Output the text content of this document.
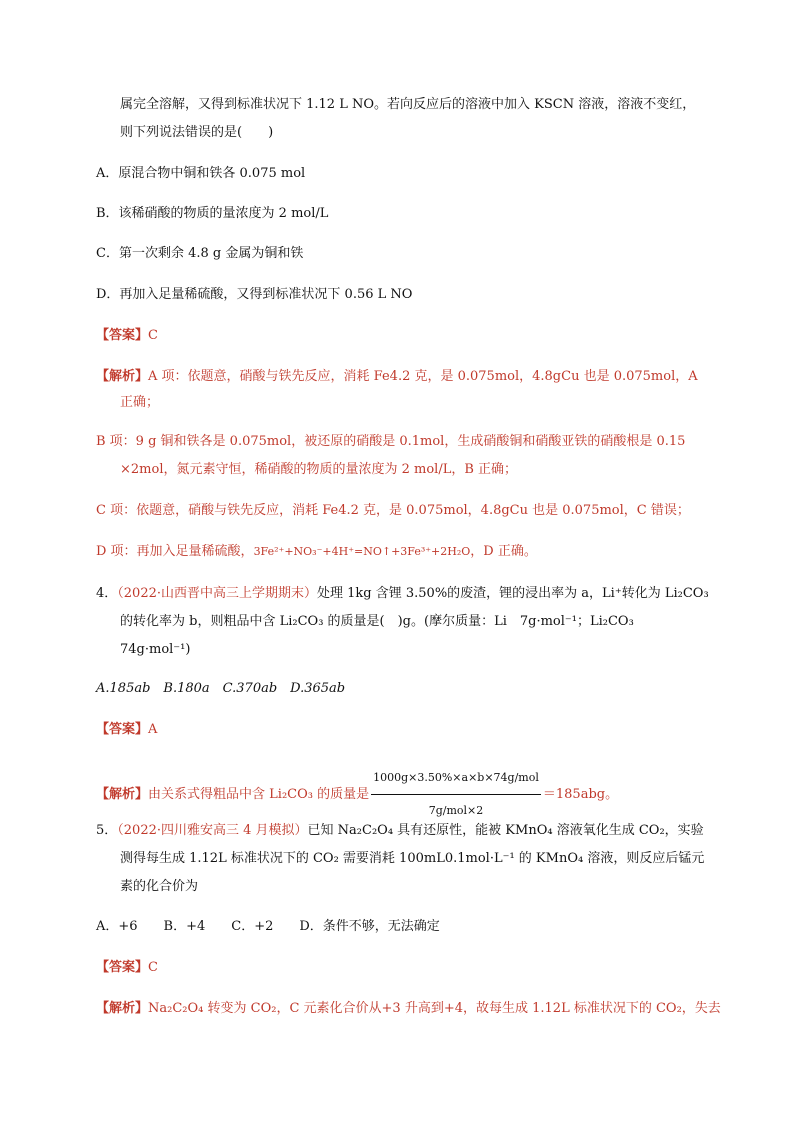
属完全溶解，又得到标准状况下 1.12 L NO。若向反应后的溶液中加入 KSCN 溶液，溶液不变红，
则下列说法错误的是(　　)
A．原混合物中铜和铁各 0.075 mol
B．该稀硝酸的物质的量浓度为 2 mol/L
C．第一次剩余 4.8 g 金属为铜和铁
D．再加入足量稀硫酸，又得到标准状况下 0.56 L NO
【答案】C
【解析】A 项：依题意，硝酸与铁先反应，消耗 Fe4.2 克，是 0.075mol，4.8gCu 也是 0.075mol，A
正确；
B 项：9 g 铜和铁各是 0.075mol，被还原的硝酸是 0.1mol，生成硝酸铜和硝酸亚铁的硝酸根是 0.15
×2mol，氮元素守恒，稀硝酸的物质的量浓度为 2 mol/L，B 正确；
C 项：依题意，硝酸与铁先反应，消耗 Fe4.2 克，是 0.075mol，4.8gCu 也是 0.075mol，C 错误；
D 项：再加入足量稀硫酸，3Fe²⁺+NO₃⁻+4H⁺=NO↑+3Fe³⁺+2H₂O，D 正确。
4．（2022·山西晋中高三上学期期末）处理 1kg 含锂 3.50%的废渣，锂的浸出率为 a，Li⁺转化为 Li₂CO₃
的转化率为 b，则粗品中含 Li₂CO₃ 的质量是(　)g。(摩尔质量：Li　7g·mol⁻¹；Li₂CO₃
74g·mol⁻¹)
A.185ab　B.180a　C.370ab　D.365ab
【答案】A
【解析】由关系式得粗品中含 Li₂CO₃ 的质量是 $\frac{\text{1000g×3.50\%×a×b×74g/mol}}{\text{7g/mol×2}} =185abg$。
5．（2022·四川雅安高三 4 月模拟）已知 Na₂C₂O₄ 具有还原性，能被 KMnO₄ 溶液氧化生成 CO₂，实验
测得每生成 1.12L 标准状况下的 CO₂ 需要消耗 100mL0.1mol·L⁻¹ 的 KMnO₄ 溶液，则反应后锰元
素的化合价为
A．+6　　B．+4　　C．+2　　D．条件不够，无法确定
【答案】C
【解析】Na₂C₂O₄ 转变为 CO₂，C 元素化合价从+3 升高到+4，故每生成 1.12L 标准状况下的 CO₂，失去
